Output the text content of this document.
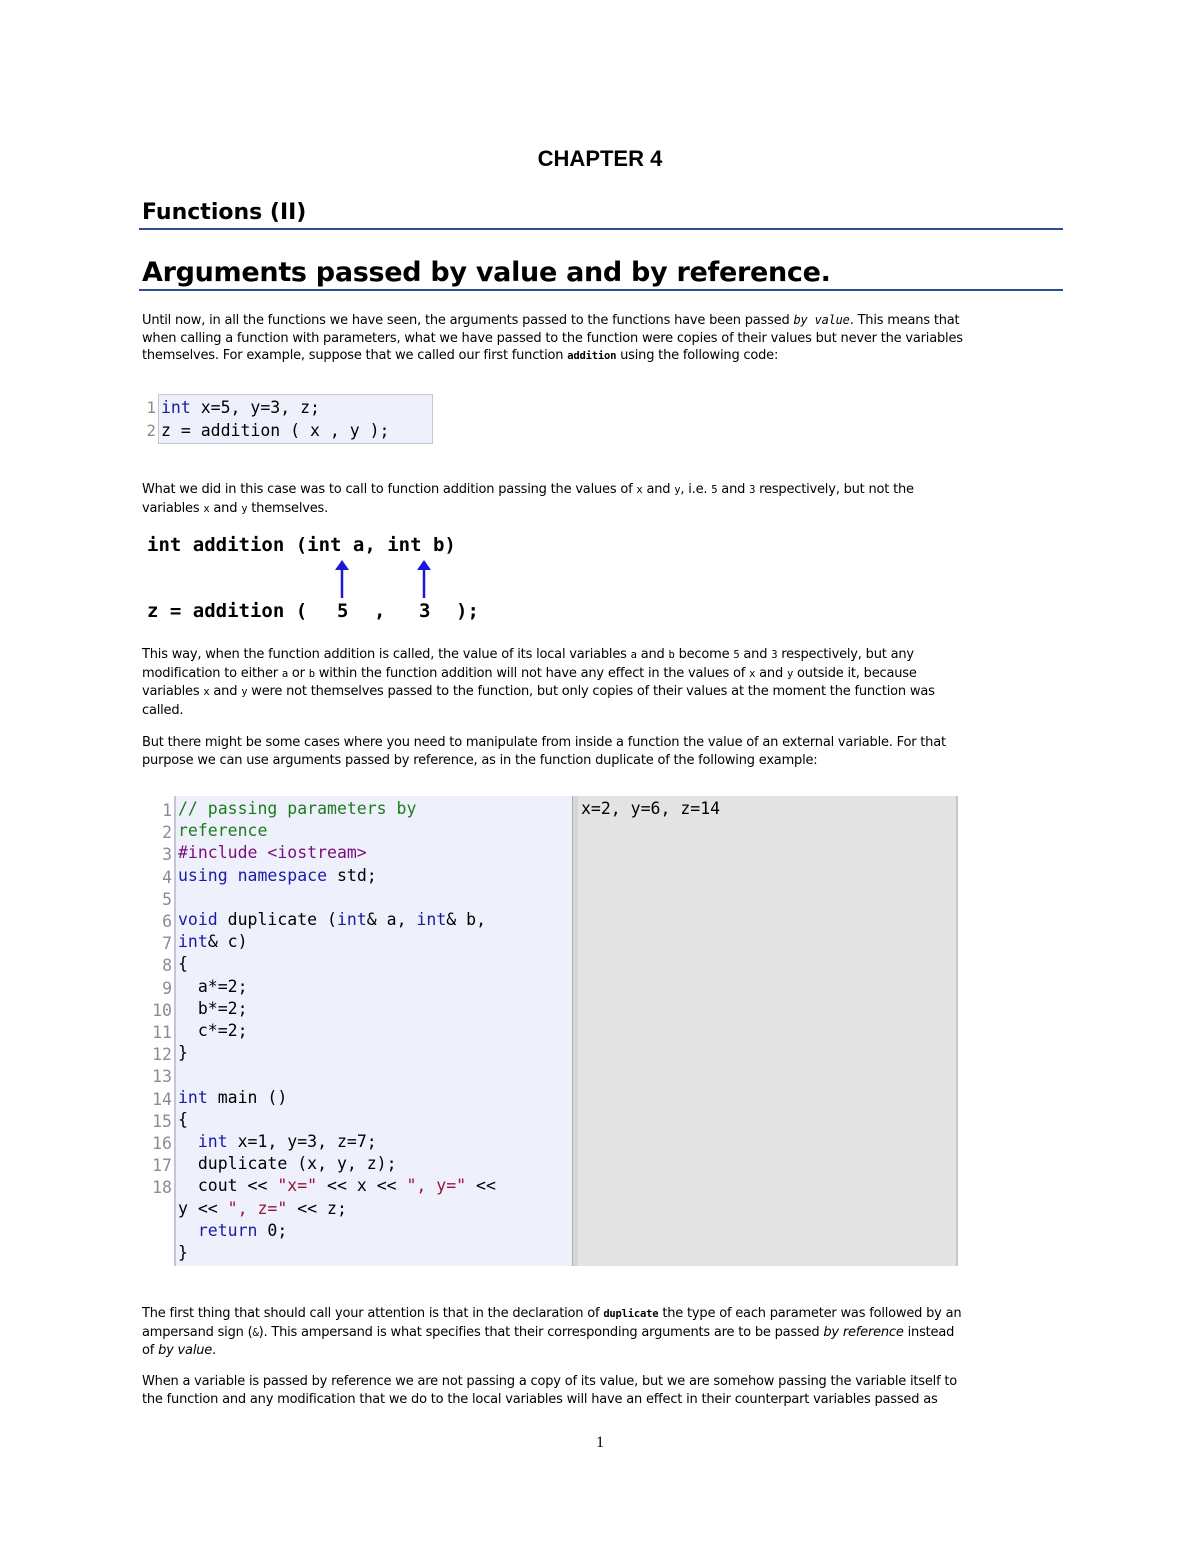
CHAPTER 4
Functions (II)
Arguments passed by value and by reference.
Until now, in all the functions we have seen, the arguments passed to the functions have been passed by value. This means that
when calling a function with parameters, what we have passed to the function were copies of their values but never the variables
themselves. For example, suppose that we called our first function addition using the following code:
1
2
int x=5, y=3, z;
z = addition ( x , y );
What we did in this case was to call to function addition passing the values of x and y, i.e. 5 and 3 respectively, but not the
variables x and y themselves.
int addition (int a, int b)
z = addition ( 5 , 3 );
This way, when the function addition is called, the value of its local variables a and b become 5 and 3 respectively, but any
modification to either a or b within the function addition will not have any effect in the values of x and y outside it, because
variables x and y were not themselves passed to the function, but only copies of their values at the moment the function was
called.
But there might be some cases where you need to manipulate from inside a function the value of an external variable. For that
purpose we can use arguments passed by reference, as in the function duplicate of the following example:
1
2
3
4
5
6
7
8
9
10
11
12
13
14
15
16
17
18
// passing parameters by
reference
#include <iostream>
using namespace std;
void duplicate (int& a, int& b,
int& c)
{
a*=2;
b*=2;
c*=2;
}
int main ()
{
int x=1, y=3, z=7;
duplicate (x, y, z);
cout << "x=" << x << ", y=" <<
y << ", z=" << z;
return 0;
}
x=2, y=6, z=14
The first thing that should call your attention is that in the declaration of duplicate the type of each parameter was followed by an
ampersand sign (&). This ampersand is what specifies that their corresponding arguments are to be passed by reference instead
of by value.
When a variable is passed by reference we are not passing a copy of its value, but we are somehow passing the variable itself to
the function and any modification that we do to the local variables will have an effect in their counterpart variables passed as
1
